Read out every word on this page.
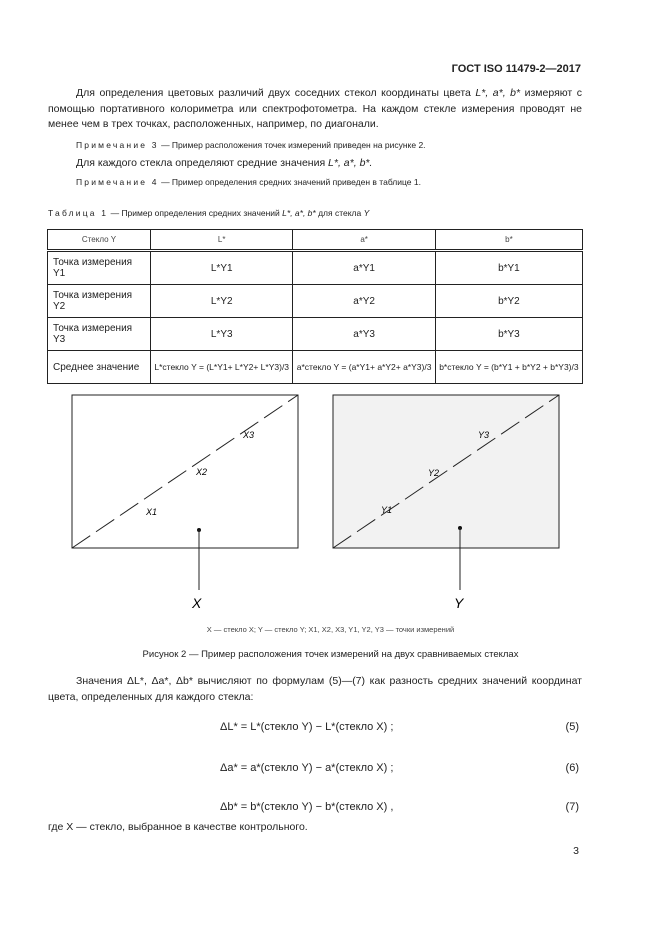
ГОСТ ISO 11479-2—2017
Для определения цветовых различий двух соседних стекол координаты цвета L*, a*, b* измеряют с помощью портативного колориметра или спектрофотометра. На каждом стекле измерения проводят не менее чем в трех точках, расположенных, например, по диагонали.
Примечание 3 — Пример расположения точек измерений приведен на рисунке 2.
Для каждого стекла определяют средние значения L*, a*, b*.
Примечание 4 — Пример определения средних значений приведен в таблице 1.
Таблица 1 — Пример определения средних значений L*, a*, b* для стекла Y
Стекло Y	L*	a*	b*
Точка измерения Y1	L*Y1	a*Y1	b*Y1
Точка измерения Y2	L*Y2	a*Y2	b*Y2
Точка измерения Y3	L*Y3	a*Y3	b*Y3
Среднее значение	L*стекло Y = (L*Y1+ L*Y2+ L*Y3)/3	a*стекло Y = (a*Y1+ a*Y2+ a*Y3)/3	b*стекло Y = (b*Y1 + b*Y2 + b*Y3)/3
X
X1
X2
X3
Y
Y1
Y2
Y3
X — стекло X; Y — стекло Y; X1, X2, X3, Y1, Y2, Y3 — точки измерений
Рисунок 2 — Пример расположения точек измерений на двух сравниваемых стеклах
Значения ΔL*, Δa*, Δb* вычисляют по формулам (5)—(7) как разность средних значений координат цвета, определенных для каждого стекла:
ΔL* = L*(стекло Y) − L*(стекло X) ;	(5)
Δa* = a*(стекло Y) − a*(стекло X) ;	(6)
Δb* = b*(стекло Y) − b*(стекло X) ,	(7)
где X — стекло, выбранное в качестве контрольного.
3
